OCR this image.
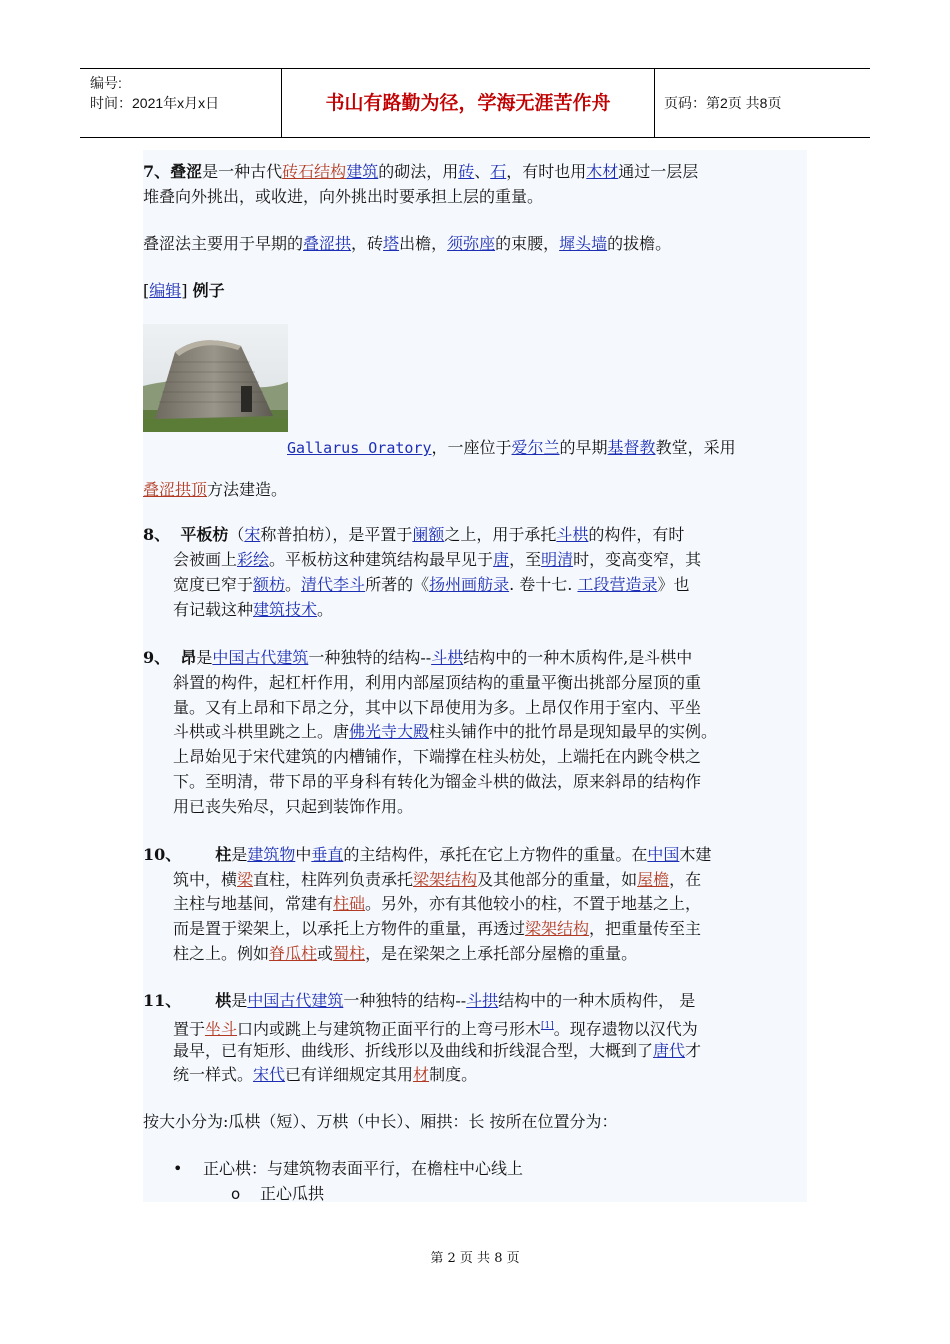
编号:
时间：2021年x月x日	书山有路勤为径，学海无涯苦作舟	页码：第2页 共8页
7、叠涩是一种古代砖石结构建筑的砌法，用砖、石，有时也用木材通过一层层
堆叠向外挑出，或收进，向外挑出时要承担上层的重量。
叠涩法主要用于早期的叠涩拱，砖塔出檐，须弥座的束腰，墀头墙的拔檐。
[编辑] 例子
Gallarus Oratory，一座位于爱尔兰的早期基督教教堂，采用
叠涩拱顶方法建造。
8、 平板枋（宋称普拍枋），是平置于阑额之上，用于承托斗栱的构件，有时
会被画上彩绘。平板枋这种建筑结构最早见于唐，至明清时，变高变窄，其
宽度已窄于额枋。清代李斗所著的《扬州画舫录. 卷十七. 工段营造录》也
有记载这种建筑技术。
9、 昂是中国古代建筑一种独特的结构--斗栱结构中的一种木质构件,是斗栱中
斜置的构件，起杠杆作用，利用内部屋顶结构的重量平衡出挑部分屋顶的重
量。又有上昂和下昂之分，其中以下昂使用为多。上昂仅作用于室内、平坐
斗栱或斗栱里跳之上。唐佛光寺大殿柱头铺作中的批竹昂是现知最早的实例。
上昂始见于宋代建筑的内槽铺作，下端撑在柱头枋处，上端托在内跳令栱之
下。至明清，带下昂的平身科有转化为镏金斗栱的做法，原来斜昂的结构作
用已丧失殆尽，只起到装饰作用。
10、 柱是建筑物中垂直的主结构件，承托在它上方物件的重量。在中国木建
筑中，横梁直柱，柱阵列负责承托梁架结构及其他部分的重量，如屋檐，在
主柱与地基间，常建有柱础。另外，亦有其他较小的柱，不置于地基之上，
而是置于梁架上，以承托上方物件的重量，再透过梁架结构，把重量传至主
柱之上。例如脊瓜柱或蜀柱，是在梁架之上承托部分屋檐的重量。
11、 栱是中国古代建筑一种独特的结构--斗拱结构中的一种木质构件， 是
置于坐斗口内或跳上与建筑物正面平行的上弯弓形木[1]。现存遗物以汉代为
最早，已有矩形、曲线形、折线形以及曲线和折线混合型，大概到了唐代才
统一样式。宋代已有详细规定其用材制度。
按大小分为:瓜栱（短）、万栱（中长）、厢拱：长 按所在位置分为：
• 正心栱：与建筑物表面平行，在檐柱中心线上
o 正心瓜拱
第 2 页 共 8 页
